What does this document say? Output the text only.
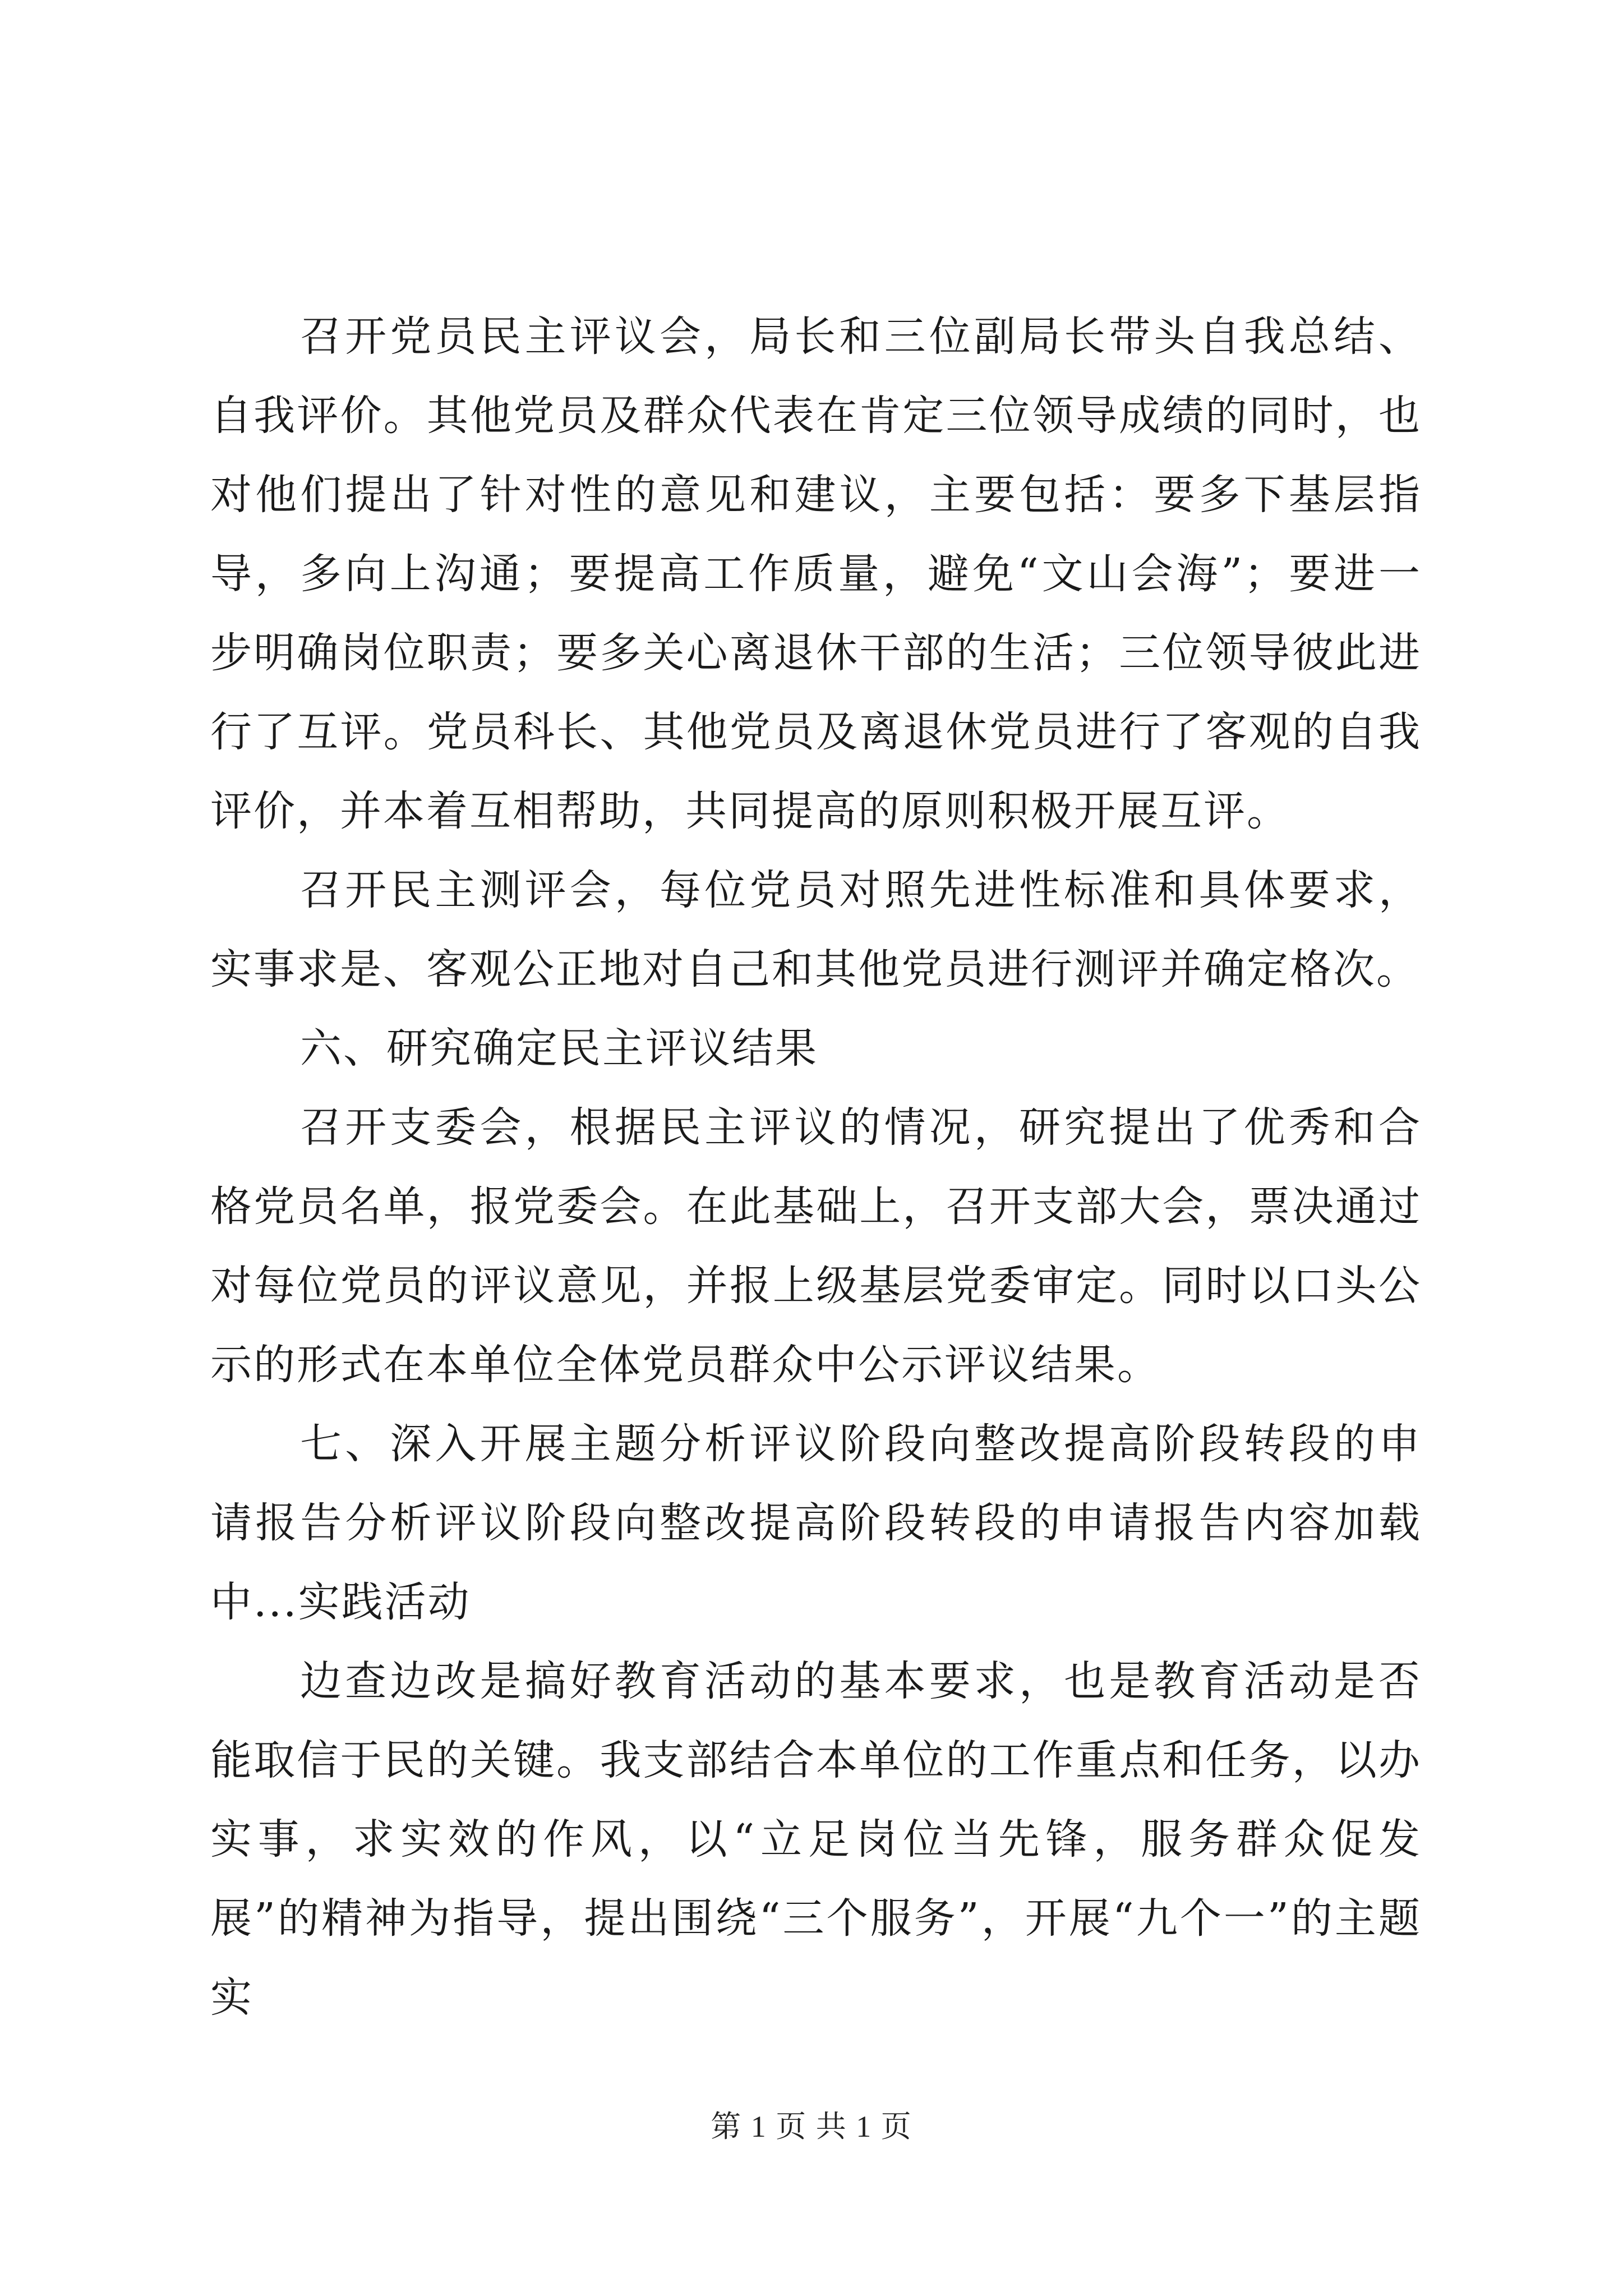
召开党员民主评议会，局长和三位副局长带头自我总结、自我评价。其他党员及群众代表在肯定三位领导成绩的同时，也对他们提出了针对性的意见和建议，主要包括：要多下基层指导，多向上沟通；要提高工作质量，避免“文山会海”；要进一步明确岗位职责；要多关心离退休干部的生活；三位领导彼此进行了互评。党员科长、其他党员及离退休党员进行了客观的自我评价，并本着互相帮助，共同提高的原则积极开展互评。

召开民主测评会，每位党员对照先进性标准和具体要求，实事求是、客观公正地对自己和其他党员进行测评并确定格次。

六、研究确定民主评议结果

召开支委会，根据民主评议的情况，研究提出了优秀和合格党员名单，报党委会。在此基础上，召开支部大会，票决通过对每位党员的评议意见，并报上级基层党委审定。同时以口头公示的形式在本单位全体党员群众中公示评议结果。

七、深入开展主题分析评议阶段向整改提高阶段转段的申请报告分析评议阶段向整改提高阶段转段的申请报告内容加载中...实践活动

边查边改是搞好教育活动的基本要求，也是教育活动是否能取信于民的关键。我支部结合本单位的工作重点和任务，以办实事，求实效的作风，以“立足岗位当先锋，服务群众促发展”的精神为指导，提出围绕“三个服务”，开展“九个一”的主题实

第 1 页 共 1 页
